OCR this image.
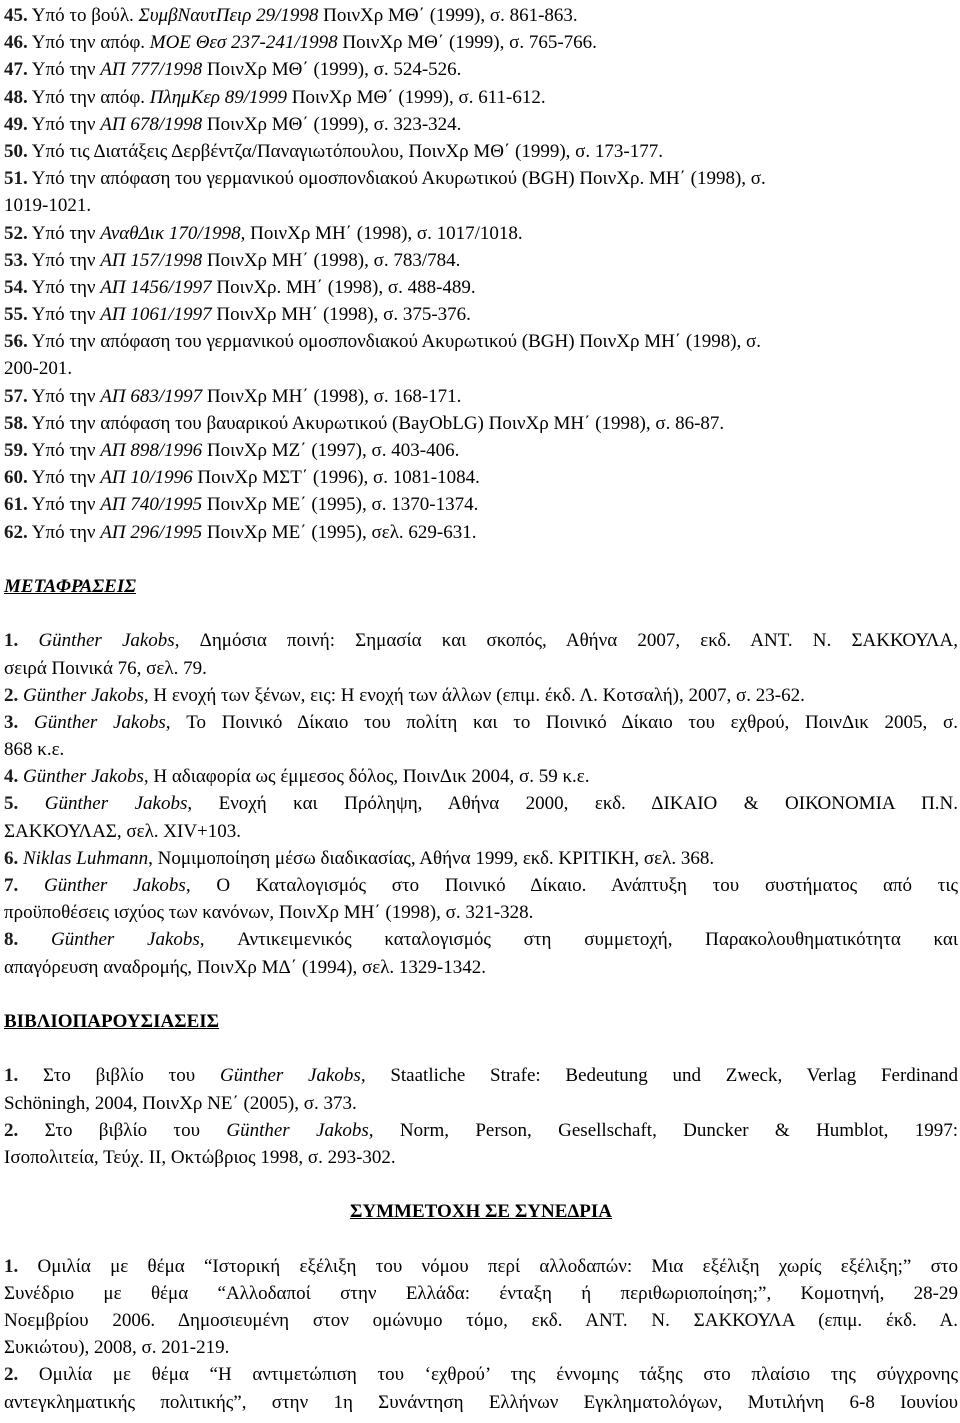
45. Υπό το βούλ. ΣυμβΝαυτΠειρ 29/1998 ΠοινΧρ ΜΘ΄ (1999), σ. 861-863.
46. Υπό την απόφ. ΜΟΕ Θεσ 237-241/1998 ΠοινΧρ ΜΘ΄ (1999), σ. 765-766.
47. Υπό την ΑΠ 777/1998 ΠοινΧρ ΜΘ΄ (1999), σ. 524-526.
48. Υπό την απόφ. ΠλημΚερ 89/1999 ΠοινΧρ ΜΘ΄ (1999), σ. 611-612.
49. Υπό την ΑΠ 678/1998 ΠοινΧρ ΜΘ΄ (1999), σ. 323-324.
50. Υπό τις Διατάξεις Δερβέντζα/Παναγιωτόπουλου, ΠοινΧρ ΜΘ΄ (1999), σ. 173-177.
51. Υπό την απόφαση του γερμανικού ομοσπονδιακού Ακυρωτικού (BGH) ΠοινΧρ. ΜΗ΄ (1998), σ.
1019-1021.
52. Υπό την ΑναθΔικ 170/1998, ΠοινΧρ ΜΗ΄ (1998), σ. 1017/1018.
53. Υπό την ΑΠ 157/1998 ΠοινΧρ ΜΗ΄ (1998), σ. 783/784.
54. Υπό την ΑΠ 1456/1997 ΠοινΧρ. ΜΗ΄ (1998), σ. 488-489.
55. Υπό την ΑΠ 1061/1997 ΠοινΧρ ΜΗ΄ (1998), σ. 375-376.
56. Υπό την απόφαση του γερμανικού ομοσπονδιακού Ακυρωτικού (BGH) ΠοινΧρ ΜΗ΄ (1998), σ.
200-201.
57. Υπό την ΑΠ 683/1997 ΠοινΧρ ΜΗ΄ (1998), σ. 168-171.
58. Υπό την απόφαση του βαυαρικού Ακυρωτικού (BayObLG) ΠοινΧρ ΜΗ΄ (1998), σ. 86-87.
59. Υπό την ΑΠ 898/1996 ΠοινΧρ ΜΖ΄ (1997), σ. 403-406.
60. Υπό την ΑΠ 10/1996 ΠοινΧρ ΜΣΤ΄ (1996), σ. 1081-1084.
61. Υπό την ΑΠ 740/1995 ΠοινΧρ ΜΕ΄ (1995), σ. 1370-1374.
62. Υπό την ΑΠ 296/1995 ΠοινΧρ ΜΕ΄ (1995), σελ. 629-631.
ΜΕΤΑΦΡΑΣΕΙΣ
1. Günther Jakobs, Δημόσια ποινή: Σημασία και σκοπός, Αθήνα 2007, εκδ. ΑΝΤ. Ν. ΣΑΚΚΟΥΛΑ,
σειρά Ποινικά 76, σελ. 79.
2. Günther Jakobs, Η ενοχή των ξένων, εις: Η ενοχή των άλλων (επιμ. έκδ. Λ. Κοτσαλή), 2007, σ. 23-62.
3. Günther Jakobs, Το Ποινικό Δίκαιο του πολίτη και το Ποινικό Δίκαιο του εχθρού, ΠοινΔικ 2005, σ.
868 κ.ε.
4. Günther Jakobs, Η αδιαφορία ως έμμεσος δόλος, ΠοινΔικ 2004, σ. 59 κ.ε.
5. Günther Jakobs, Ενοχή και Πρόληψη, Αθήνα 2000, εκδ. ΔΙΚΑΙΟ & ΟΙΚΟΝΟΜΙΑ Π.Ν.
ΣΑΚΚΟΥΛΑΣ, σελ. XIV+103.
6. Niklas Luhmann, Νομιμοποίηση μέσω διαδικασίας, Αθήνα 1999, εκδ. ΚΡΙΤΙΚΗ, σελ. 368.
7. Günther Jakobs, Ο Καταλογισμός στο Ποινικό Δίκαιο. Ανάπτυξη του συστήματος από τις
προϋποθέσεις ισχύος των κανόνων, ΠοινΧρ ΜΗ΄ (1998), σ. 321-328.
8. Günther Jakobs, Αντικειμενικός καταλογισμός στη συμμετοχή, Παρακολουθηματικότητα και
απαγόρευση αναδρομής, ΠοινΧρ ΜΔ΄ (1994), σελ. 1329-1342.
ΒΙΒΛΙΟΠΑΡΟΥΣΙΑΣΕΙΣ
1. Στο βιβλίο του Günther Jakobs, Staatliche Strafe: Bedeutung und Zweck, Verlag Ferdinand
Schöningh, 2004, ΠοινΧρ ΝΕ΄ (2005), σ. 373.
2. Στο βιβλίο του Günther Jakobs, Norm, Person, Gesellschaft, Duncker & Humblot, 1997:
Ισοπολιτεία, Τεύχ. ΙΙ, Οκτώβριος 1998, σ. 293-302.
ΣΥΜΜΕΤΟΧΗ ΣΕ ΣΥΝΕΔΡΙΑ
1. Ομιλία με θέμα “Ιστορική εξέλιξη του νόμου περί αλλοδαπών: Μια εξέλιξη χωρίς εξέλιξη;” στο
Συνέδριο με θέμα “Αλλοδαποί στην Ελλάδα: ένταξη ή περιθωριοποίηση;”, Κομοτηνή, 28-29
Νοεμβρίου 2006. Δημοσιευμένη στον ομώνυμο τόμο, εκδ. ΑΝΤ. Ν. ΣΑΚΚΟΥΛΑ (επιμ. έκδ. Α.
Συκιώτου), 2008, σ. 201-219.
2. Ομιλία με θέμα “Η αντιμετώπιση του ‘εχθρού’ της έννομης τάξης στο πλαίσιο της σύγχρονης
αντεγκληματικής πολιτικής”, στην 1η Συνάντηση Ελλήνων Εγκληματολόγων, Μυτιλήνη 6-8 Ιουνίου
